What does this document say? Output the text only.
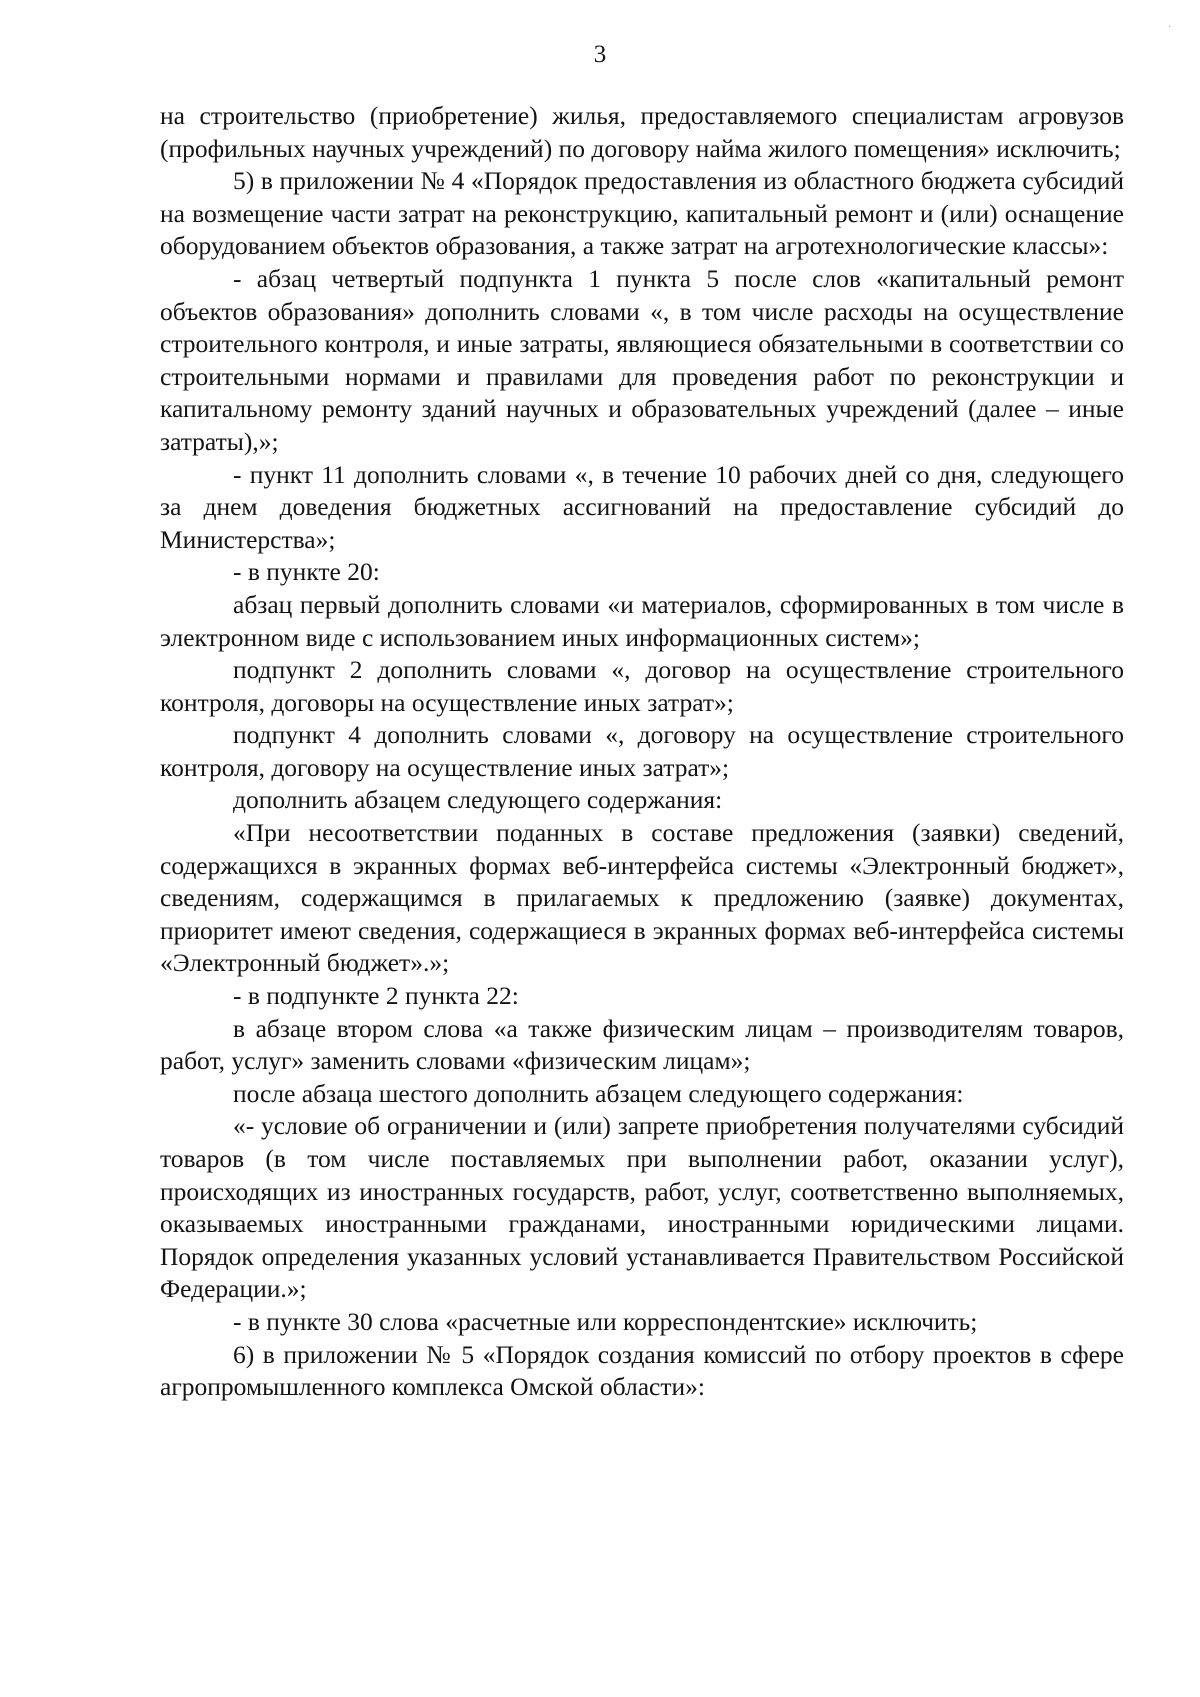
·
3

на строительство (приобретение) жилья, предоставляемого специалистам агровузов (профильных научных учреждений) по договору найма жилого помещения» исключить;

5) в приложении № 4 «Порядок предоставления из областного бюджета субсидий на возмещение части затрат на реконструкцию, капитальный ремонт и (или) оснащение оборудованием объектов образования, а также затрат на агротехнологические классы»:

- абзац четвертый подпункта 1 пункта 5 после слов «капитальный ремонт объектов образования» дополнить словами «, в том числе расходы на осуществление строительного контроля, и иные затраты, являющиеся обязательными в соответствии со строительными нормами и правилами для проведения работ по реконструкции и капитальному ремонту зданий научных и образовательных учреждений (далее – иные затраты),»;

- пункт 11 дополнить словами «, в течение 10 рабочих дней со дня, следующего за днем доведения бюджетных ассигнований на предоставление субсидий до Министерства»;

- в пункте 20:

абзац первый дополнить словами «и материалов, сформированных в том числе в электронном виде с использованием иных информационных систем»;

подпункт 2 дополнить словами «, договор на осуществление строительного контроля, договоры на осуществление иных затрат»;

подпункт 4 дополнить словами «, договору на осуществление строительного контроля, договору на осуществление иных затрат»;

дополнить абзацем следующего содержания:

«При несоответствии поданных в составе предложения (заявки) сведений, содержащихся в экранных формах веб-интерфейса системы «Электронный бюджет», сведениям, содержащимся в прилагаемых к предложению (заявке) документах, приоритет имеют сведения, содержащиеся в экранных формах веб-интерфейса системы «Электронный бюджет».»;

- в подпункте 2 пункта 22:

в абзаце втором слова «а также физическим лицам – производителям товаров, работ, услуг» заменить словами «физическим лицам»;

после абзаца шестого дополнить абзацем следующего содержания:

«- условие об ограничении и (или) запрете приобретения получателями субсидий товаров (в том числе поставляемых при выполнении работ, оказании услуг), происходящих из иностранных государств, работ, услуг, соответственно выполняемых, оказываемых иностранными гражданами, иностранными юридическими лицами. Порядок определения указанных условий устанавливается Правительством Российской Федерации.»;

- в пункте 30 слова «расчетные или корреспондентские» исключить;

6) в приложении № 5 «Порядок создания комиссий по отбору проектов в сфере агропромышленного комплекса Омской области»:
